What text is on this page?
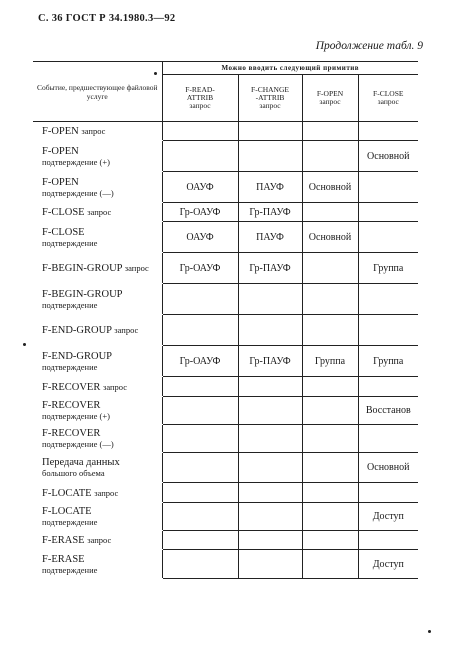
С. 36 ГОСТ Р 34.1980.3—92
Продолжение табл. 9
Событие, предшествующее файловой услуге	Можно вводить следующий примитив			

	F-READ-
ATTRIB
запрос	F-CHANGE
-ATTRIB
запрос	F-OPEN
запрос	F-CLOSE
запрос

F-OPEN запрос				
F-OPEN
подтверждение (+)				Основной
F-OPEN
подтверждение (—)	ОАУФ	ПАУФ	Основной	
F-CLOSE запрос	Гр-ОАУФ	Гр-ПАУФ		
F-CLOSE
подтверждение	ОАУФ	ПАУФ	Основной	
F-BEGIN-GROUP запрос	Гр-ОАУФ	Гр-ПАУФ		Группа
F-BEGIN-GROUP
подтверждение				
F-END-GROUP запрос				
F-END-GROUP
подтверждение	Гр-ОАУФ	Гр-ПАУФ	Группа	Группа
F-RECOVER запрос				
F-RECOVER
подтверждение (+)				Восстанов
F-RECOVER
подтверждение (—)				
Передача данных
большого объема				Основной
F-LOCATE запрос				
F-LOCATE
подтверждение				Доступ
F-ERASE запрос				
F-ERASE
подтверждение				Доступ
